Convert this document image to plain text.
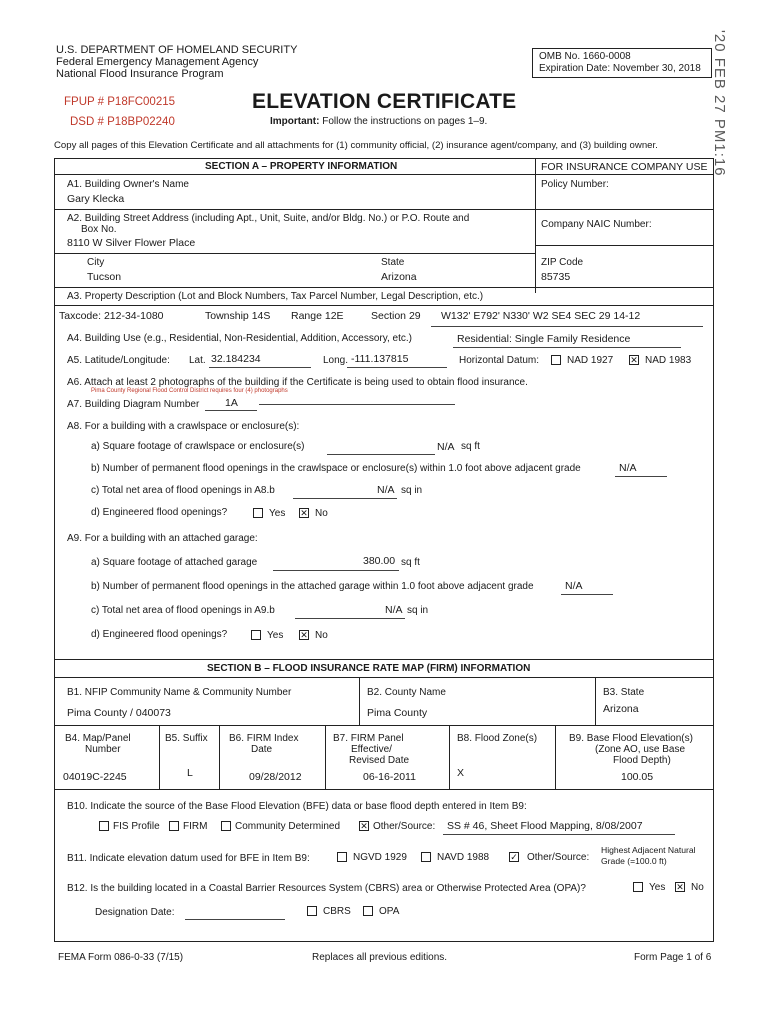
U.S. DEPARTMENT OF HOMELAND SECURITY
Federal Emergency Management Agency
National Flood Insurance Program
OMB No. 1660-0008
Expiration Date: November 30, 2018
FPUP # P18FC00215
DSD # P18BP02240
ELEVATION CERTIFICATE
Important: Follow the instructions on pages 1–9.
Copy all pages of this Elevation Certificate and all attachments for (1) community official, (2) insurance agent/company, and (3) building owner.	'20 FEB 27 PM1:16
SECTION A – PROPERTY INFORMATION	FOR INSURANCE COMPANY USE
A1. Building Owner's Name
Gary Klecka
Policy Number:
A2. Building Street Address (including Apt., Unit, Suite, and/or Bldg. No.) or P.O. Route and
Box No.
8110 W Silver Flower Place
Company NAIC Number:
City
Tucson
State
Arizona
ZIP Code
85735
A3. Property Description (Lot and Block Numbers, Tax Parcel Number, Legal Description, etc.)
Taxcode: 212-34-1080	Township 14S Range 12E	Section 29 W132' E792' N330' W2 SE4 SEC 29 14-12
A4. Building Use (e.g., Residential, Non-Residential, Addition, Accessory, etc.)	Residential: Single Family Residence
A5. Latitude/Longitude: Lat. 32.184234	Long. -111.137815	Horizontal Datum:	NAD 1927 ✕ NAD 1983
A6. Attach at least 2 photographs of the building if the Certificate is being used to obtain flood insurance.
Pima County Regional Flood Control District requires four (4) photographs
A7. Building Diagram Number 1A
A8. For a building with a crawlspace or enclosure(s):
a) Square footage of crawlspace or enclosure(s)	N/A sq ft
b) Number of permanent flood openings in the crawlspace or enclosure(s) within 1.0 foot above adjacent grade	N/A
c) Total net area of flood openings in A8.b	N/A sq in
d) Engineered flood openings?	Yes ✕ No
A9. For a building with an attached garage:
a) Square footage of attached garage	380.00 sq ft
b) Number of permanent flood openings in the attached garage within 1.0 foot above adjacent grade	N/A
c) Total net area of flood openings in A9.b	N/A sq in
d) Engineered flood openings?	Yes ✕ No
SECTION B – FLOOD INSURANCE RATE MAP (FIRM) INFORMATION
B1. NFIP Community Name & Community Number
Pima County / 040073
B2. County Name
Pima County
B3. State
Arizona
B4. Map/Panel
Number
04019C-2245
B5. Suffix
L
B6. FIRM Index
Date
09/28/2012
B7. FIRM Panel
Effective/
Revised Date
06-16-2011
B8. Flood Zone(s)
X
B9. Base Flood Elevation(s)
(Zone AO, use Base
Flood Depth)
100.05
B10. Indicate the source of the Base Flood Elevation (BFE) data or base flood depth entered in Item B9:
FIS Profile FIRM	Community Determined ✕ Other/Source: SS # 46, Sheet Flood Mapping, 8/08/2007
B11. Indicate elevation datum used for BFE in Item B9:	NGVD 1929	NAVD 1988 ✓ Other/Source:
Highest Adjacent Natural
Grade (=100.0 ft)
B12. Is the building located in a Coastal Barrier Resources System (CBRS) area or Otherwise Protected Area (OPA)?	Yes ✕ No
Designation Date:	CBRS	OPA
FEMA Form 086-0-33 (7/15)	Replaces all previous editions.	Form Page 1 of 6
